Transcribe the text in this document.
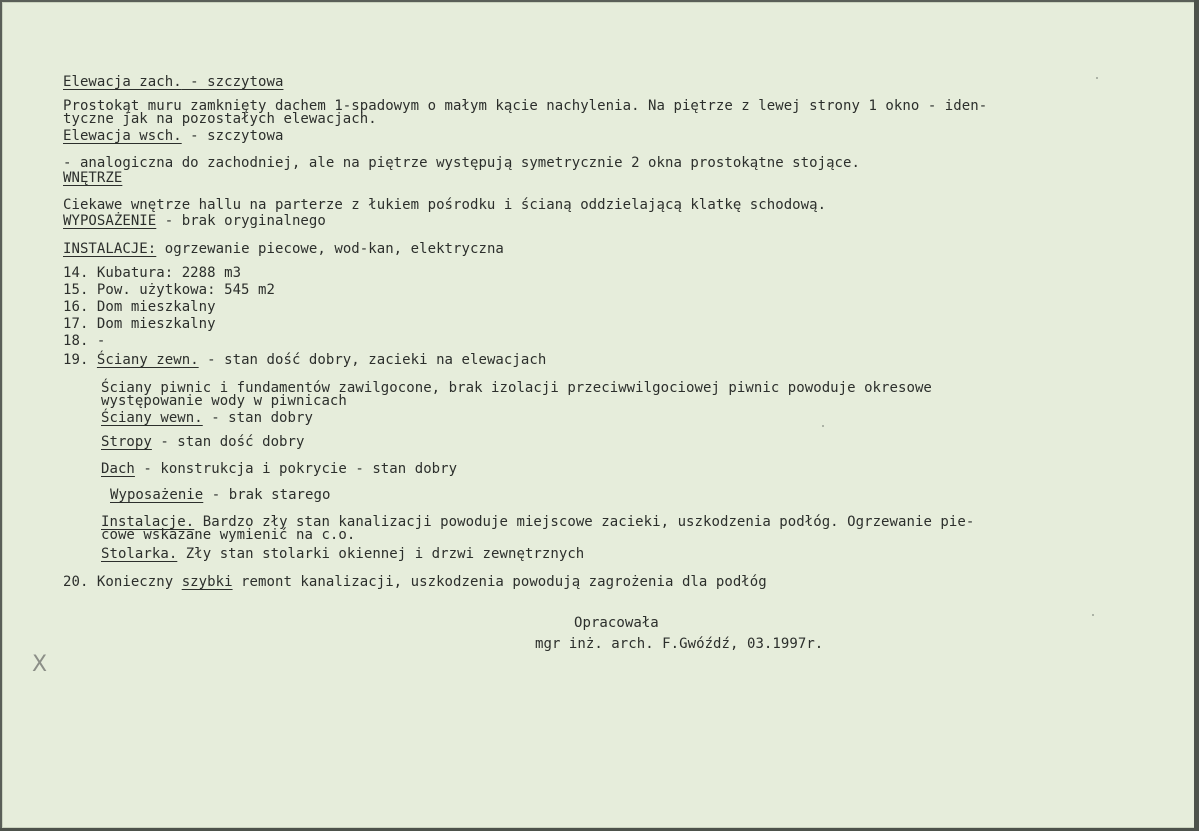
Elewacja zach. - szczytowa
Prostokąt muru zamknięty dachem 1-spadowym o małym kącie nachylenia. Na piętrze z lewej strony 1 okno - iden-
tyczne jak na pozostałych elewacjach.
Elewacja wsch. - szczytowa
- analogiczna do zachodniej, ale na piętrze występują symetrycznie 2 okna prostokątne stojące.
WNĘTRZE
Ciekawe wnętrze hallu na parterze z łukiem pośrodku i ścianą oddzielającą klatkę schodową.
WYPOSAŻENIE - brak oryginalnego
INSTALACJE: ogrzewanie piecowe, wod-kan, elektryczna
14. Kubatura: 2288 m3
15. Pow. użytkowa: 545 m2
16. Dom mieszkalny
17. Dom mieszkalny
18. -
19. Ściany zewn. - stan dość dobry, zacieki na elewacjach
Ściany piwnic i fundamentów zawilgocone, brak izolacji przeciwwilgociowej piwnic powoduje okresowe
występowanie wody w piwnicach
Ściany wewn. - stan dobry
Stropy - stan dość dobry
Dach - konstrukcja i pokrycie - stan dobry
Wyposażenie - brak starego
Instalacje. Bardzo zły stan kanalizacji powoduje miejscowe zacieki, uszkodzenia podłóg. Ogrzewanie pie-
cowe wskazane wymienić na c.o.
Stolarka. Zły stan stolarki okiennej i drzwi zewnętrznych
20. Konieczny szybki remont kanalizacji, uszkodzenia powodują zagrożenia dla podłóg
Opracowała
mgr inż. arch. F.Gwóźdź, 03.1997r.
X
